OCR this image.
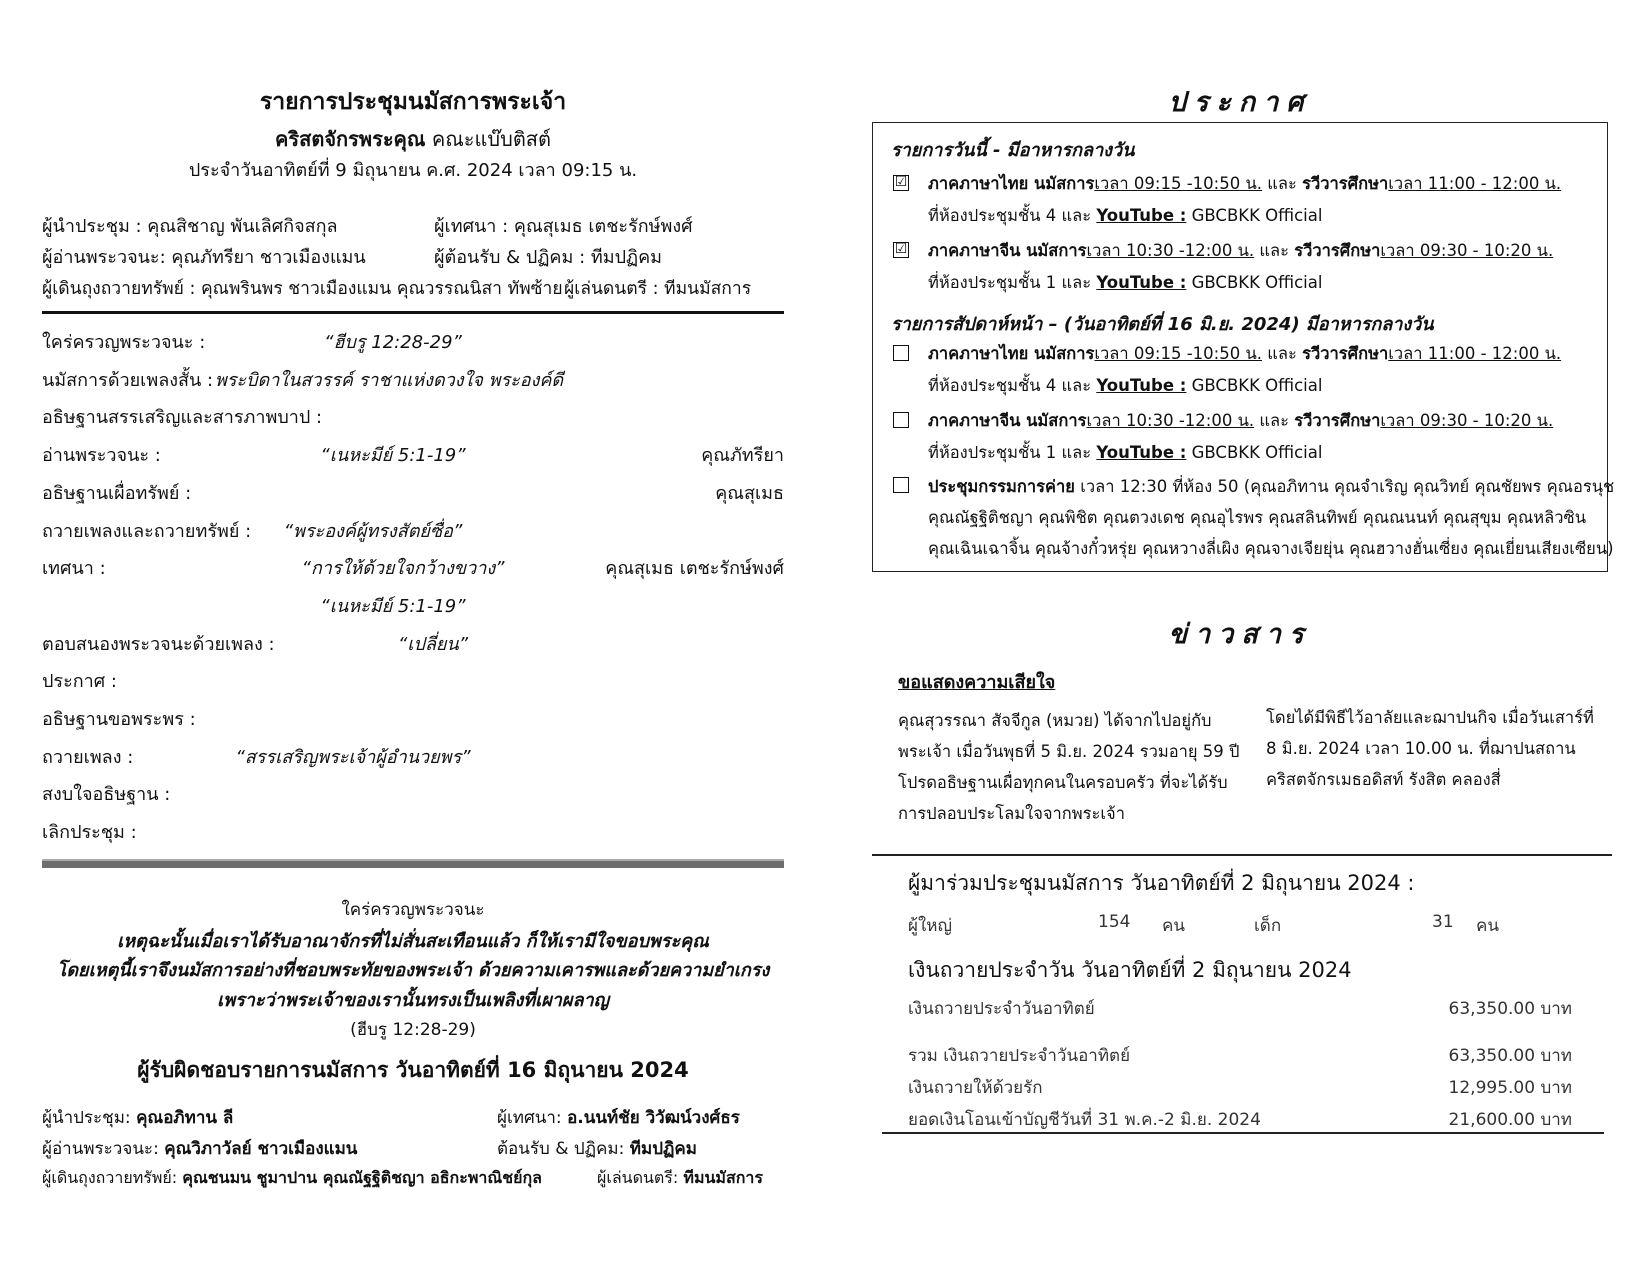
รายการประชุมนมัสการพระเจ้า
คริสตจักรพระคุณ คณะแบ๊บติสต์
ประจำวันอาทิตย์ที่ 9 มิถุนายน ค.ศ. 2024 เวลา 09:15 น.
ผู้นำประชุม : คุณสิชาญ พันเลิศกิจสกุล	ผู้เทศนา : คุณสุเมธ เตชะรักษ์พงศ์
ผู้อ่านพระวจนะ: คุณภัทรียา ชาวเมืองแมน	ผู้ต้อนรับ & ปฏิคม : ทีมปฏิคม
ผู้เดินถุงถวายทรัพย์ : คุณพรินพร ชาวเมืองแมน คุณวรรณนิสา ทัพซ้าย ผู้เล่นดนตรี : ทีมนมัสการ
ใคร่ครวญพระวจนะ :	“ฮีบรู 12:28-29”
นมัสการด้วยเพลงสั้น : พระบิดาในสวรรค์ ราชาแห่งดวงใจ พระองค์ดี
อธิษฐานสรรเสริญและสารภาพบาป :
อ่านพระวจนะ :	“เนหะมีย์ 5:1-19”	คุณภัทรียา
อธิษฐานเผื่อทรัพย์ :	คุณสุเมธ
ถวายเพลงและถวายทรัพย์ :	“พระองค์ผู้ทรงสัตย์ซื่อ”
เทศนา :	“การให้ด้วยใจกว้างขวาง”	คุณสุเมธ เตชะรักษ์พงศ์
“เนหะมีย์ 5:1-19”
ตอบสนองพระวจนะด้วยเพลง :	“เปลี่ยน”
ประกาศ :
อธิษฐานขอพระพร :
ถวายเพลง :	“สรรเสริญพระเจ้าผู้อำนวยพร”
สงบใจอธิษฐาน :
เลิกประชุม :
ใคร่ครวญพระวจนะ
เหตุฉะนั้นเมื่อเราได้รับอาณาจักรที่ไม่สั่นสะเทือนแล้ว ก็ให้เรามีใจขอบพระคุณ
โดยเหตุนี้เราจึงนมัสการอย่างที่ชอบพระทัยของพระเจ้า ด้วยความเคารพและด้วยความยำเกรง
เพราะว่าพระเจ้าของเรานั้นทรงเป็นเพลิงที่เผาผลาญ
(ฮีบรู 12:28-29)
ผู้รับผิดชอบรายการนมัสการ วันอาทิตย์ที่ 16 มิถุนายน 2024
ผู้นำประชุม: คุณอภิทาน ลี	ผู้เทศนา: อ.นนท์ชัย วิวัฒน์วงศ์ธร
ผู้อ่านพระวจนะ: คุณวิภาวัลย์ ชาวเมืองแมน	ต้อนรับ & ปฏิคม: ทีมปฏิคม
ผู้เดินถุงถวายทรัพย์: คุณชนมน ชูมาปาน คุณณัฐฐิติชญา อธิกะพาณิชย์กุล	ผู้เล่นดนตรี: ทีมนมัสการ
ประกาศ
รายการวันนี้ - มีอาหารกลางวัน
☑ ภาคภาษาไทย นมัสการเวลา 09:15 -10:50 น. และ รวีวารศึกษาเวลา 11:00 - 12:00 น.
ที่ห้องประชุมชั้น 4 และ YouTube : GBCBKK Official
☑ ภาคภาษาจีน นมัสการเวลา 10:30 -12:00 น. และ รวีวารศึกษาเวลา 09:30 - 10:20 น.
ที่ห้องประชุมชั้น 1 และ YouTube : GBCBKK Official
รายการสัปดาห์หน้า – (วันอาทิตย์ที่ 16 มิ.ย. 2024) มีอาหารกลางวัน
ภาคภาษาไทย นมัสการเวลา 09:15 -10:50 น. และ รวีวารศึกษาเวลา 11:00 - 12:00 น.
ที่ห้องประชุมชั้น 4 และ YouTube : GBCBKK Official
ภาคภาษาจีน นมัสการเวลา 10:30 -12:00 น. และ รวีวารศึกษาเวลา 09:30 - 10:20 น.
ที่ห้องประชุมชั้น 1 และ YouTube : GBCBKK Official
ประชุมกรรมการค่าย เวลา 12:30 ที่ห้อง 50 (คุณอภิทาน คุณจำเริญ คุณวิทย์ คุณชัยพร คุณอรนุช
คุณณัฐฐิติชญา คุณพิชิต คุณตวงเดช คุณอุไรพร คุณสลินทิพย์ คุณณนนท์ คุณสุขุม คุณหลิวซิน
คุณเฉินเฉาจิ้น คุณจ้างกั๋วหรุ่ย คุณหวางลี่เผิง คุณจางเจียยุ่น คุณฮวางฮั่นเซี่ยง คุณเยี่ยนเสียงเซียน)
ข่าวสาร
ขอแสดงความเสียใจ
คุณสุวรรณา สัจจีกูล (หมวย) ได้จากไปอยู่กับ
พระเจ้า เมื่อวันพุธที่ 5 มิ.ย. 2024 รวมอายุ 59 ปี
โปรดอธิษฐานเผื่อทุกคนในครอบครัว ที่จะได้รับ
การปลอบประโลมใจจากพระเจ้า
โดยได้มีพิธีไว้อาลัยและฌาปนกิจ เมื่อวันเสาร์ที่
8 มิ.ย. 2024 เวลา 10.00 น. ที่ฌาปนสถาน
คริสตจักรเมธอดิสท์ รังสิต คลองสี่
ผู้มาร่วมประชุมนมัสการ วันอาทิตย์ที่ 2 มิถุนายน 2024 :
ผู้ใหญ่	154 คน	เด็ก	31 คน
เงินถวายประจำวัน วันอาทิตย์ที่ 2 มิถุนายน 2024
เงินถวายประจำวันอาทิตย์	63,350.00 บาท
รวม เงินถวายประจำวันอาทิตย์	63,350.00 บาท
เงินถวายให้ด้วยรัก	12,995.00 บาท
ยอดเงินโอนเข้าบัญชีวันที่ 31 พ.ค.-2 มิ.ย. 2024	21,600.00 บาท
